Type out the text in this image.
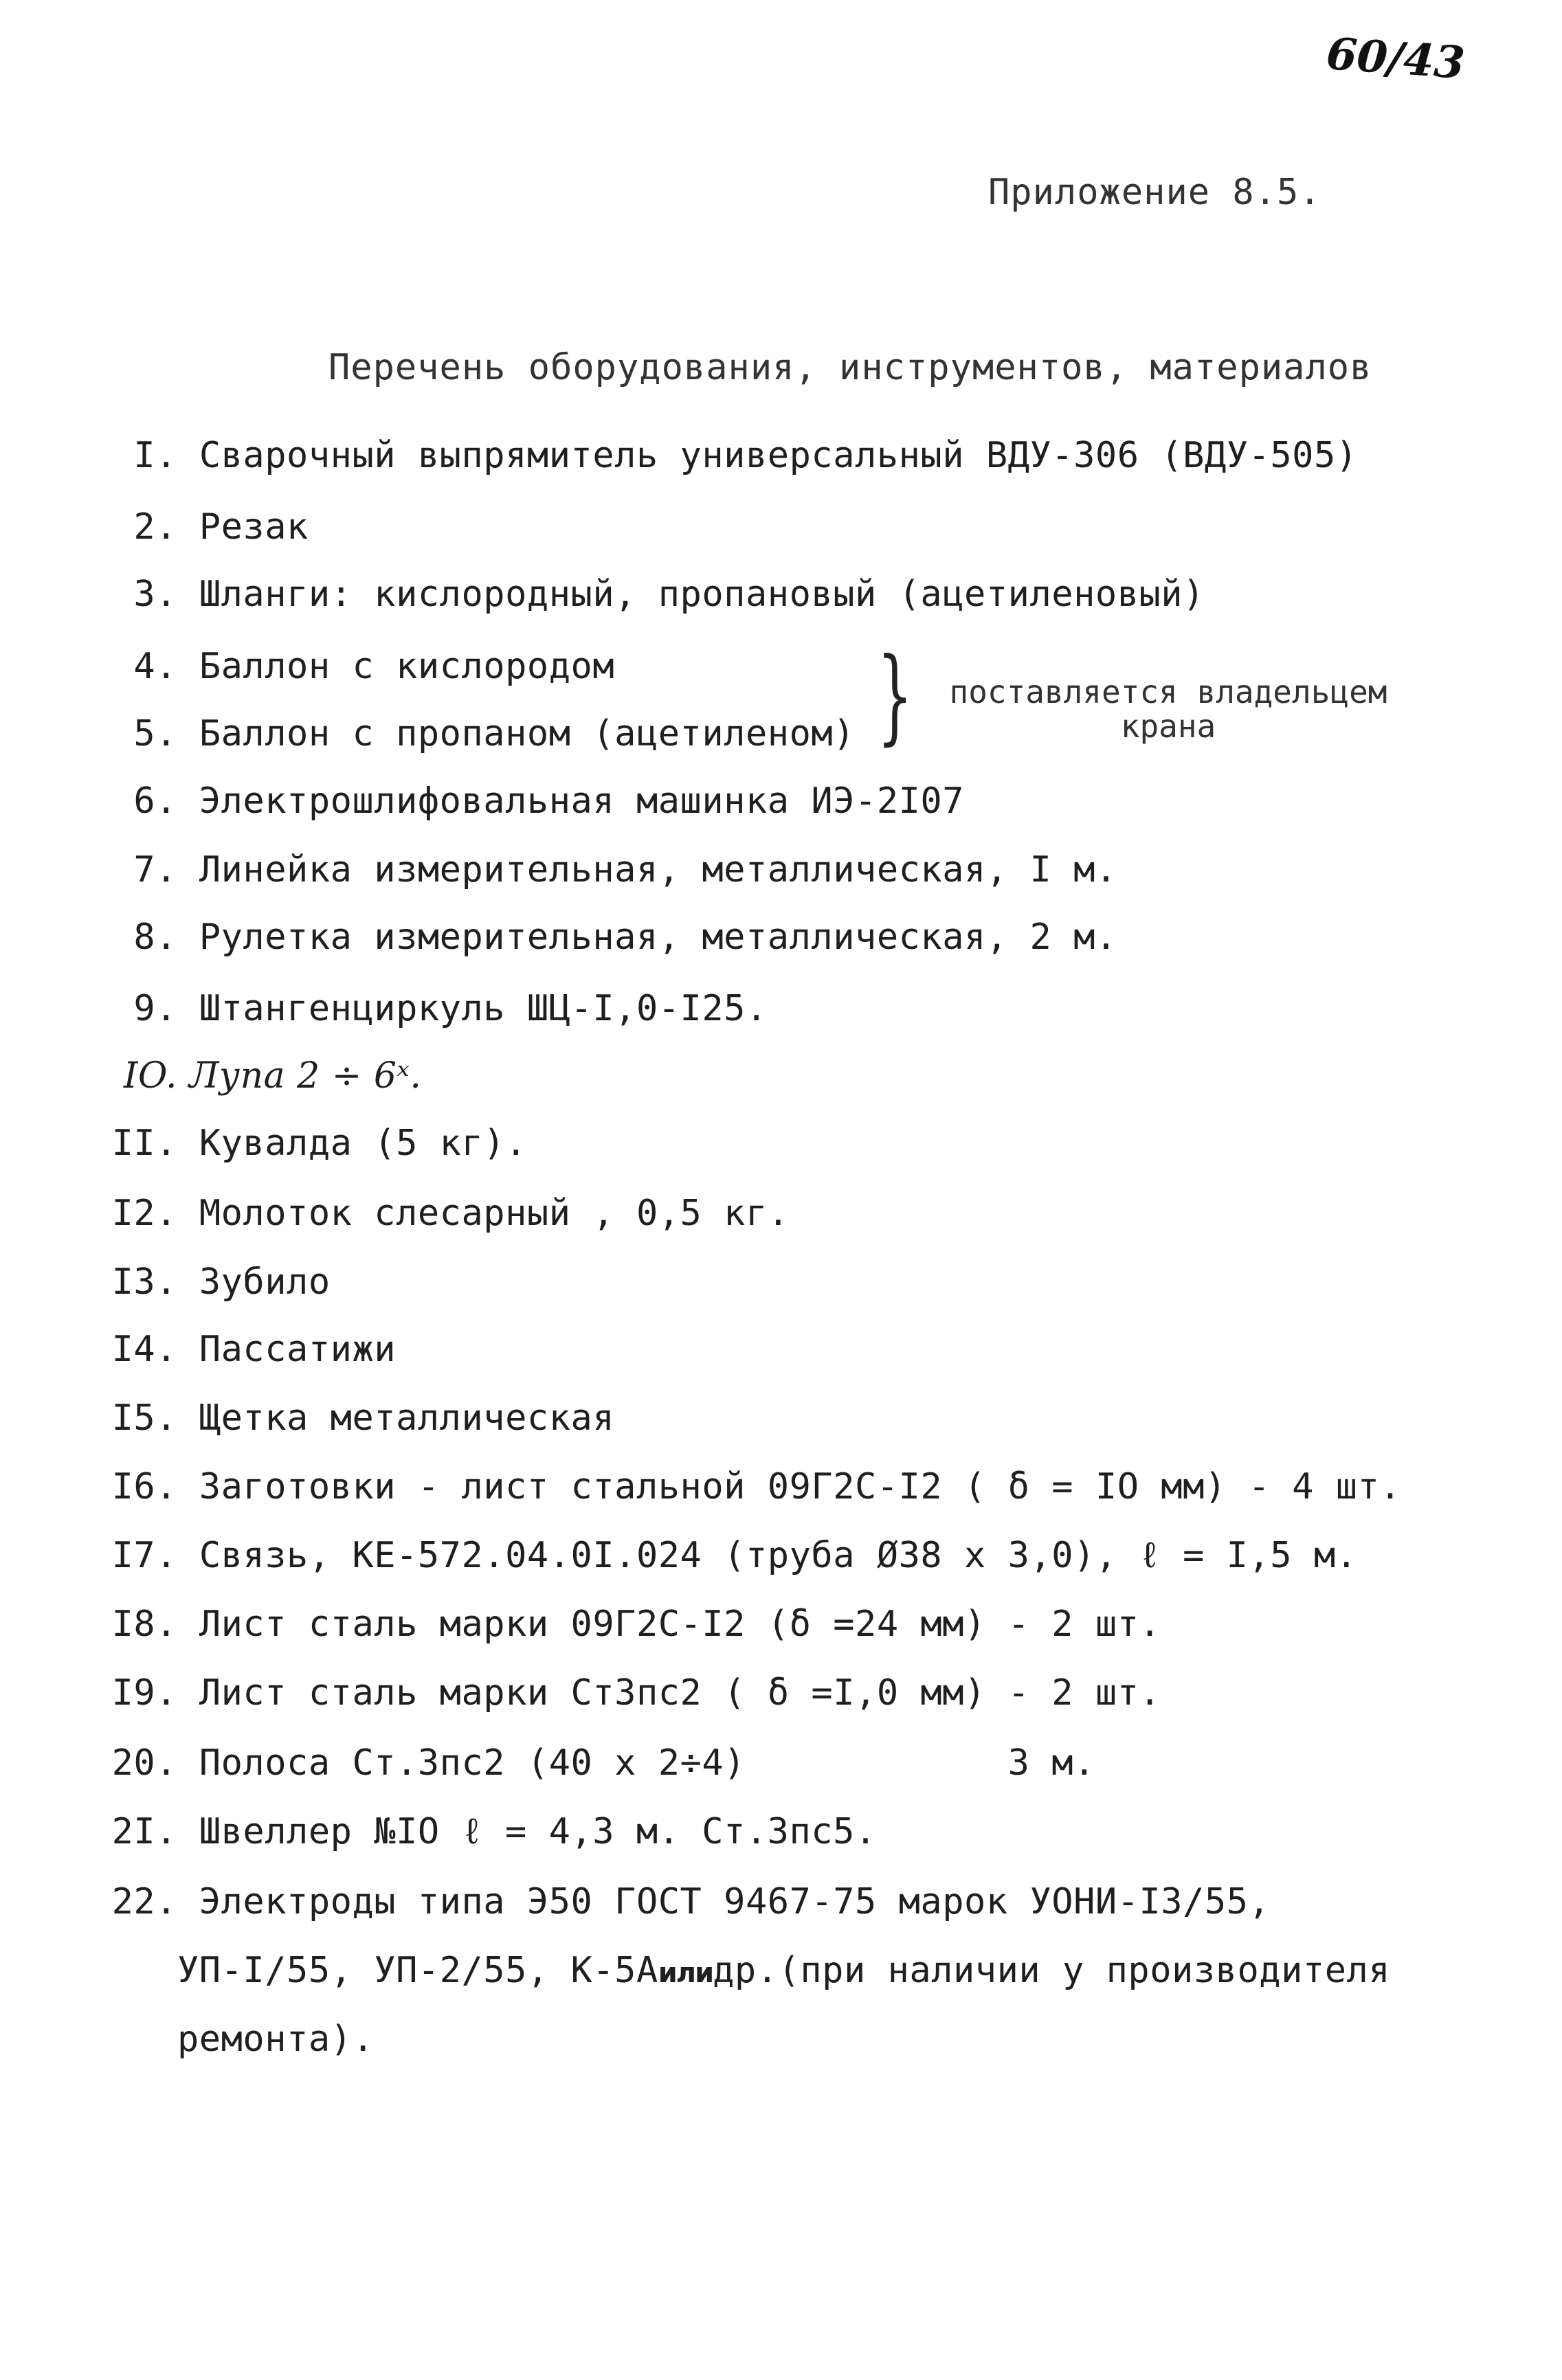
60/43
Приложение 8.5.
Перечень оборудования, инструментов, материалов
I. Сварочный выпрямитель универсальный ВДУ-306 (ВДУ-505)
2. Резак
3. Шланги: кислородный, пропановый (ацетиленовый)
4. Баллон с кислородом
5. Баллон с пропаном (ацетиленом)
6. Электрошлифовальная машинка ИЭ-2I07
7. Линейка измерительная, металлическая, I м.
8. Рулетка измерительная, металлическая, 2 м.
9. Штангенциркуль ШЦ-I,0-I25.
IO. Лупа 2 ÷ 6ˣ.
II. Кувалда (5 кг).
I2. Молоток слесарный , 0,5 кг.
I3. Зубило
I4. Пассатижи
I5. Щетка металлическая
I6. Заготовки - лист стальной 09Г2С-I2 ( δ = IO мм) - 4 шт.
I7. Связь, КЕ-572.04.0I.024 (труба Ø38 х 3,0), ℓ = I,5 м.
I8. Лист сталь марки 09Г2С-I2 (δ =24 мм) - 2 шт.
I9. Лист сталь марки Ст3пс2 ( δ =I,0 мм) - 2 шт.
20. Полоса Ст.3пс2 (40 х 2÷4)            3 м.
2I. Швеллер №IO ℓ = 4,3 м. Ст.3пс5.
22. Электроды типа Э50 ГОСТ 9467-75 марок УОНИ-I3/55,
УП-I/55, УП-2/55, К-5Аилидр.(при наличии у производителя
ремонта).
}	поставляется владельцем
крана
